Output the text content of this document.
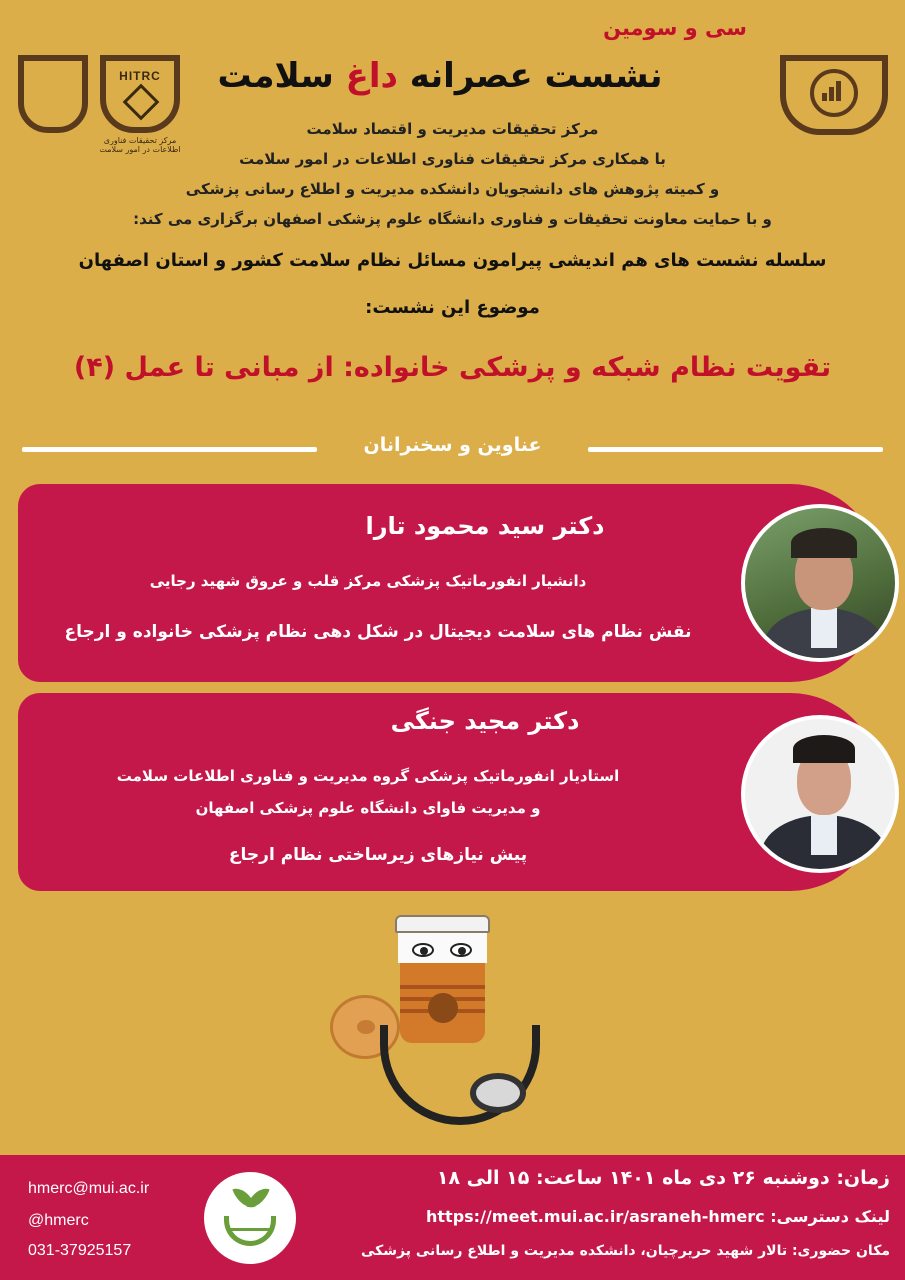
HITRC
مرکز تحقیقات فناوری اطلاعات در امور سلامت
سی و سومین
نشست عصرانه داغ سلامت
مرکز تحقیقات مدیریت و اقتصاد سلامت
با همکاری مرکز تحقیقات فناوری اطلاعات در امور سلامت
و کمیته پژوهش های دانشجویان دانشکده مدیریت و اطلاع رسانی پزشکی
و با حمایت معاونت تحقیقات و فناوری دانشگاه علوم پزشکی اصفهان برگزاری می کند:
سلسله نشست های هم اندیشی پیرامون مسائل نظام سلامت کشور و استان اصفهان
موضوع این نشست:
تقویت نظام شبکه و پزشکی خانواده: از مبانی تا عمل (۴)
عناوین و سخنرانان
دکتر سید محمود تارا
دانشیار انفورماتیک پزشکی مرکز قلب و عروق شهید رجایی
نقش نظام های سلامت دیجیتال در شکل دهی نظام پزشکی خانواده و ارجاع
دکتر مجید جنگی
استادیار انفورماتیک پزشکی گروه مدیریت و فناوری اطلاعات سلامت
و مدیریت فاوای دانشگاه علوم پزشکی اصفهان
پیش نیازهای زیرساختی نظام ارجاع
زمان: دوشنبه ۲۶ دی ماه ۱۴۰۱ ساعت: ۱۵ الی ۱۸
لینک دسترسی: https://meet.mui.ac.ir/asraneh-hmerc
مکان حضوری: تالار شهید حریرچیان، دانشکده مدیریت و اطلاع رسانی پزشکی
hmerc@mui.ac.ir
@hmerc
031-37925157
